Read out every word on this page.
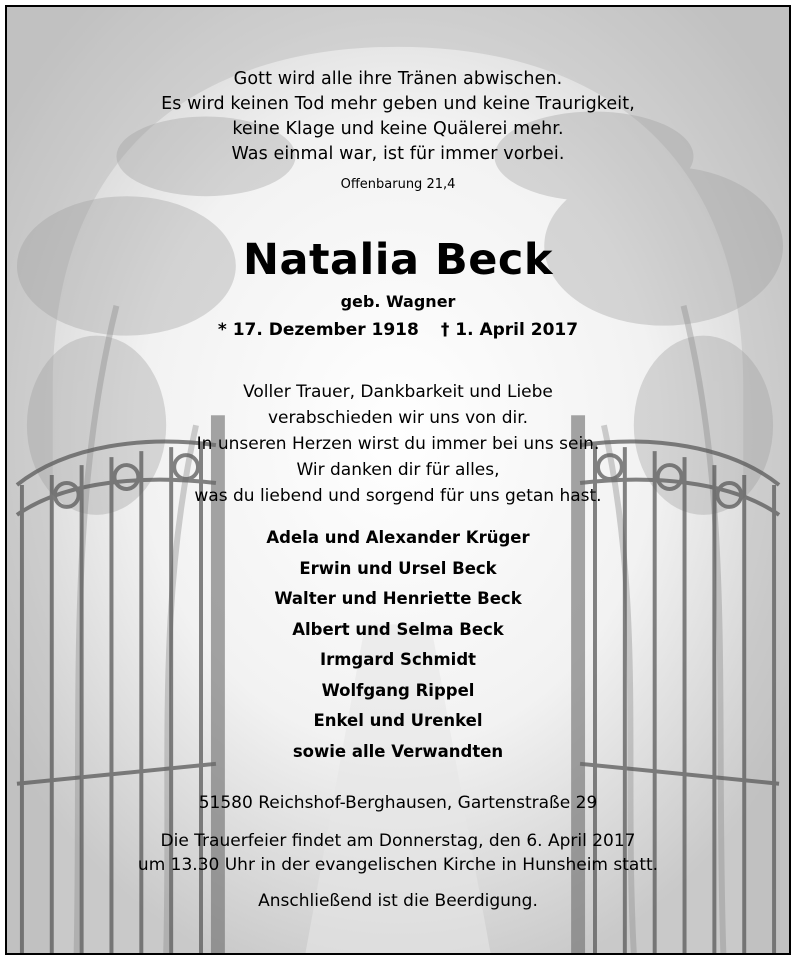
Gott wird alle ihre Tränen abwischen.
Es wird keinen Tod mehr geben und keine Traurigkeit,
keine Klage und keine Quälerei mehr.
Was einmal war, ist für immer vorbei.
Offenbarung 21,4
Natalia Beck
geb. Wagner
* 17. Dezember 1918 † 1. April 2017
Voller Trauer, Dankbarkeit und Liebe
verabschieden wir uns von dir.
In unseren Herzen wirst du immer bei uns sein.
Wir danken dir für alles,
was du liebend und sorgend für uns getan hast.
Adela und Alexander Krüger
Erwin und Ursel Beck
Walter und Henriette Beck
Albert und Selma Beck
Irmgard Schmidt
Wolfgang Rippel
Enkel und Urenkel
sowie alle Verwandten
51580 Reichshof-Berghausen, Gartenstraße 29
Die Trauerfeier findet am Donnerstag, den 6. April 2017
um 13.30 Uhr in der evangelischen Kirche in Hunsheim statt.
Anschließend ist die Beerdigung.
